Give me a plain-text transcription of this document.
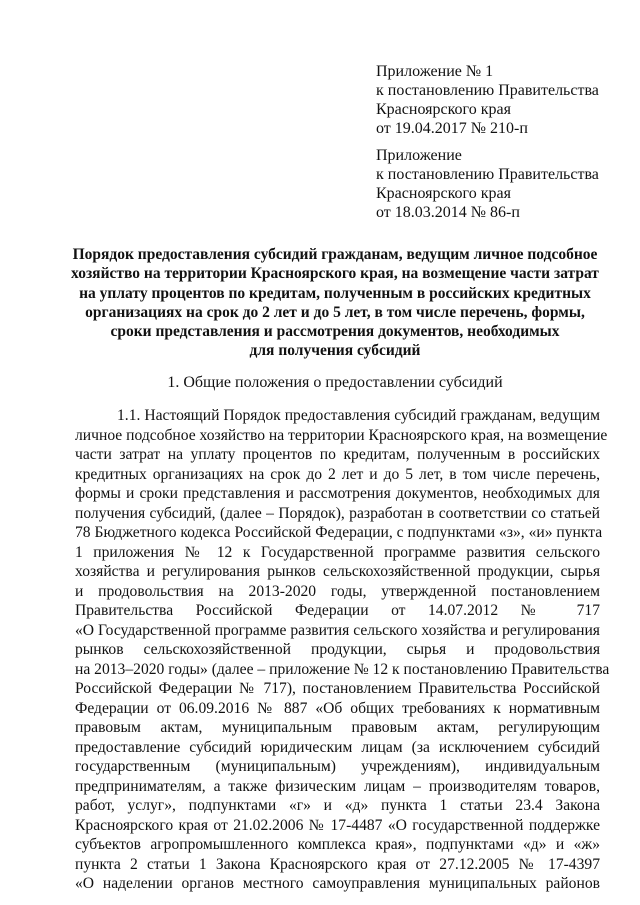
Приложение № 1
к постановлению Правительства
Красноярского края
от 19.04.2017 № 210-п
Приложение
к постановлению Правительства
Красноярского края
от 18.03.2014 № 86-п
Порядок предоставления субсидий гражданам, ведущим личное подсобное
хозяйство на территории Красноярского края, на возмещение части затрат
на уплату процентов по кредитам, полученным в российских кредитных
организациях на срок до 2 лет и до 5 лет, в том числе перечень, формы,
сроки представления и рассмотрения документов, необходимых
для получения субсидий
1. Общие положения о предоставлении субсидий
1.1. Настоящий Порядок предоставления субсидий гражданам, ведущим
личное подсобное хозяйство на территории Красноярского края, на возмещение
части затрат на уплату процентов по кредитам, полученным в российских
кредитных организациях на срок до 2 лет и до 5 лет, в том числе перечень,
формы и сроки представления и рассмотрения документов, необходимых для
получения субсидий, (далее – Порядок), разработан в соответствии со статьей
78 Бюджетного кодекса Российской Федерации, с подпунктами «з», «и» пункта
1 приложения № 12 к Государственной программе развития сельского
хозяйства и регулирования рынков сельскохозяйственной продукции, сырья
и продовольствия на 2013-2020 годы, утвержденной постановлением
Правительства Российской Федерации от 14.07.2012 № 717
«О Государственной программе развития сельского хозяйства и регулирования
рынков сельскохозяйственной продукции, сырья и продовольствия
на 2013–2020 годы» (далее – приложение № 12 к постановлению Правительства
Российской Федерации № 717), постановлением Правительства Российской
Федерации от 06.09.2016 № 887 «Об общих требованиях к нормативным
правовым актам, муниципальным правовым актам, регулирующим
предоставление субсидий юридическим лицам (за исключением субсидий
государственным (муниципальным) учреждениям), индивидуальным
предпринимателям, а также физическим лицам – производителям товаров,
работ, услуг», подпунктами «г» и «д» пункта 1 статьи 23.4 Закона
Красноярского края от 21.02.2006 № 17-4487 «О государственной поддержке
субъектов агропромышленного комплекса края», подпунктами «д» и «ж»
пункта 2 статьи 1 Закона Красноярского края от 27.12.2005 № 17-4397
«О наделении органов местного самоуправления муниципальных районов
